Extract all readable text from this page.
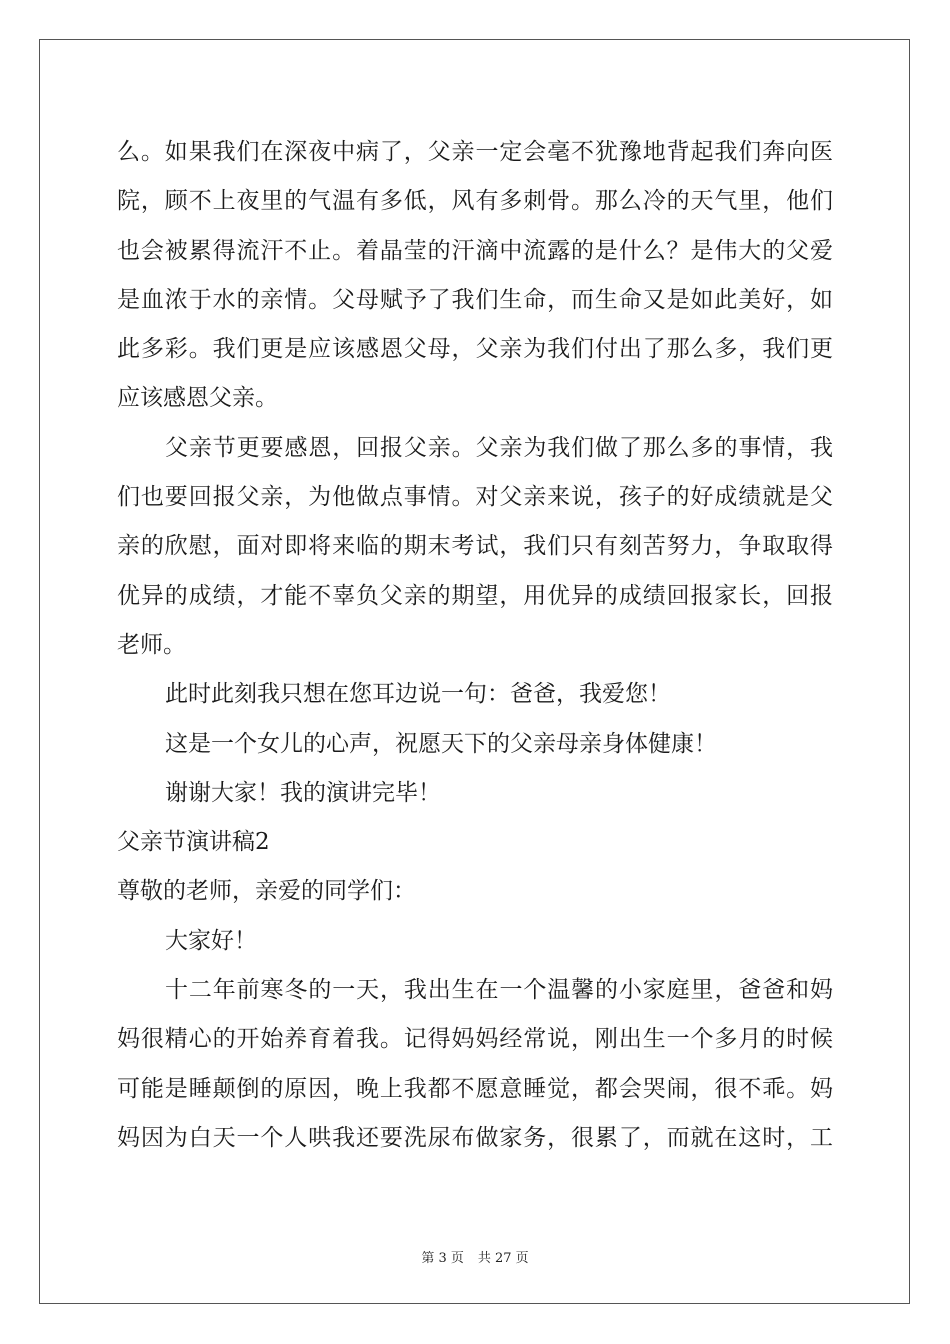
么。如果我们在深夜中病了，父亲一定会毫不犹豫地背起我们奔向医
院，顾不上夜里的气温有多低，风有多刺骨。那么冷的天气里，他们
也会被累得流汗不止。着晶莹的汗滴中流露的是什么？是伟大的父爱
是血浓于水的亲情。父母赋予了我们生命，而生命又是如此美好，如
此多彩。我们更是应该感恩父母，父亲为我们付出了那么多，我们更
应该感恩父亲。
父亲节更要感恩，回报父亲。父亲为我们做了那么多的事情，我
们也要回报父亲，为他做点事情。对父亲来说，孩子的好成绩就是父
亲的欣慰，面对即将来临的期末考试，我们只有刻苦努力，争取取得
优异的成绩，才能不辜负父亲的期望，用优异的成绩回报家长，回报
老师。
此时此刻我只想在您耳边说一句：爸爸，我爱您！
这是一个女儿的心声，祝愿天下的父亲母亲身体健康！
谢谢大家！我的演讲完毕！
父亲节演讲稿2
尊敬的老师，亲爱的同学们：
大家好！
十二年前寒冬的一天，我出生在一个温馨的小家庭里，爸爸和妈
妈很精心的开始养育着我。记得妈妈经常说，刚出生一个多月的时候
可能是睡颠倒的原因，晚上我都不愿意睡觉，都会哭闹，很不乖。妈
妈因为白天一个人哄我还要洗尿布做家务，很累了，而就在这时，工
第 3 页 共 27 页
